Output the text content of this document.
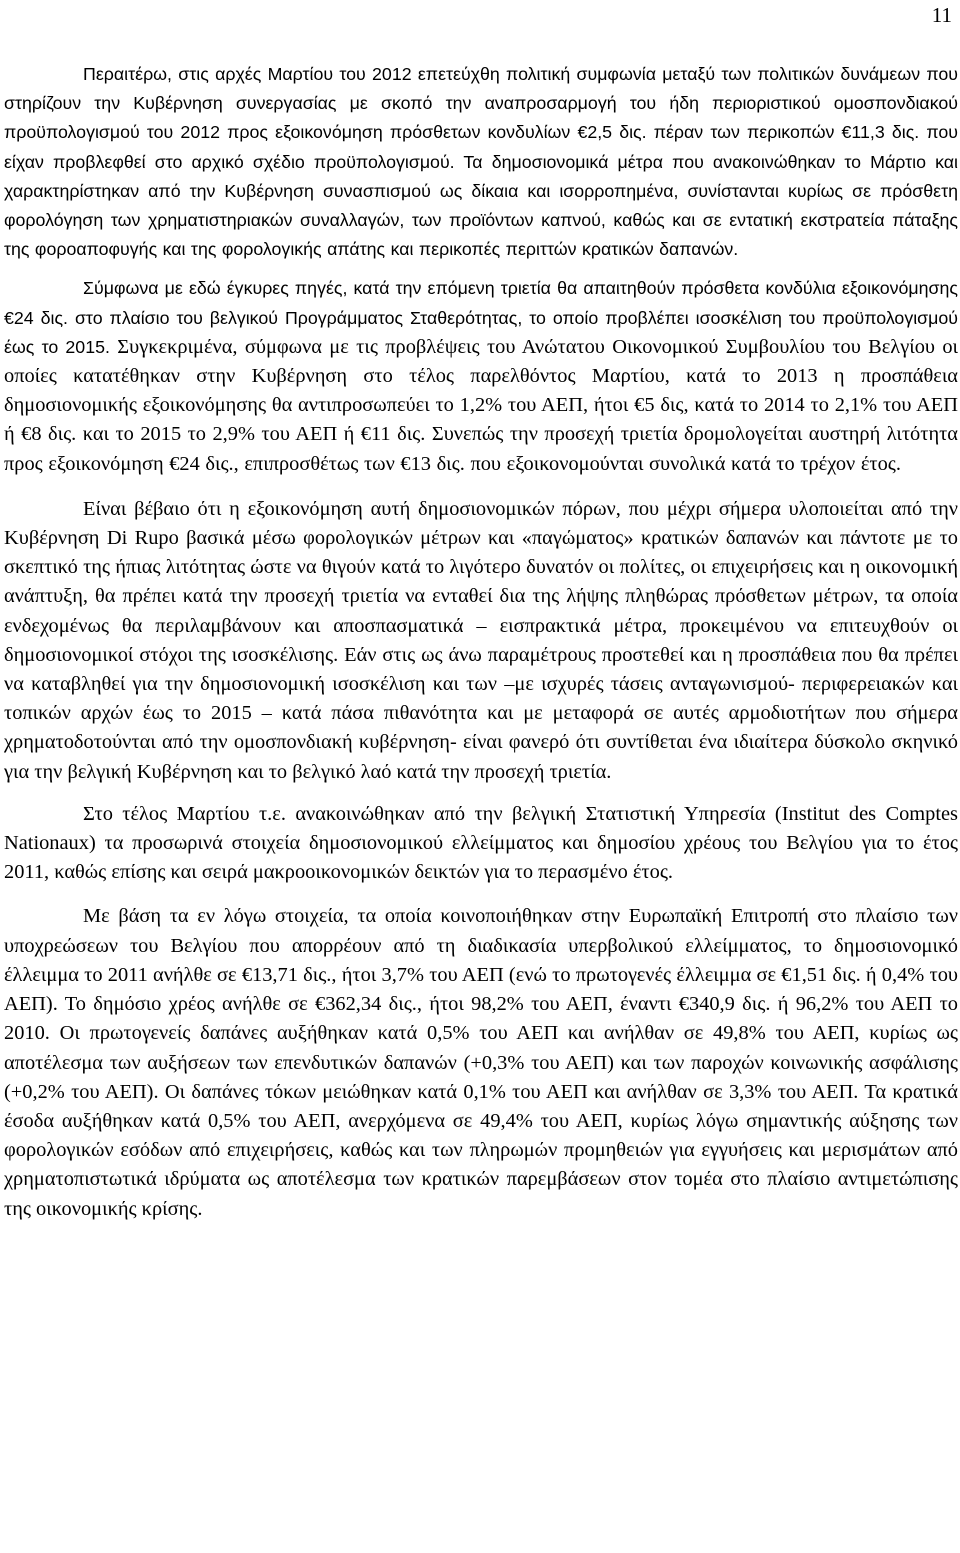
11

Περαιτέρω, στις αρχές Μαρτίου του 2012 επετεύχθη πολιτική συμφωνία μεταξύ των πολιτικών δυνάμεων που στηρίζουν την Κυβέρνηση συνεργασίας με σκοπό την αναπροσαρμογή του ήδη περιοριστικού ομοσπονδιακού προϋπολογισμού του 2012 προς εξοικονόμηση πρόσθετων κονδυλίων €2,5 δις. πέραν των περικοπών €11,3 δις. που είχαν προβλεφθεί στο αρχικό σχέδιο προϋπολογισμού. Τα δημοσιονομικά μέτρα που ανακοινώθηκαν το Μάρτιο και χαρακτηρίστηκαν από την Κυβέρνηση συνασπισμού ως δίκαια και ισορροπημένα, συνίστανται κυρίως σε πρόσθετη φορολόγηση των χρηματιστηριακών συναλλαγών, των προϊόντων καπνού, καθώς και σε εντατική εκστρατεία πάταξης της φοροαποφυγής και της φορολογικής απάτης και περικοπές περιττών κρατικών δαπανών.

Σύμφωνα με εδώ έγκυρες πηγές, κατά την επόμενη τριετία θα απαιτηθούν πρόσθετα κονδύλια εξοικονόμησης €24 δις. στο πλαίσιο του βελγικού Προγράμματος Σταθερότητας, το οποίο προβλέπει ισοσκέλιση του προϋπολογισμού έως το 2015. Συγκεκριμένα, σύμφωνα με τις προβλέψεις του Ανώτατου Οικονομικού Συμβουλίου του Βελγίου οι οποίες κατατέθηκαν στην Κυβέρνηση στο τέλος παρελθόντος Μαρτίου, κατά το 2013 η προσπάθεια δημοσιονομικής εξοικονόμησης θα αντιπροσωπεύει το 1,2% του ΑΕΠ, ήτοι €5 δις, κατά το 2014 το 2,1% του ΑΕΠ ή €8 δις. και το 2015 το 2,9% του ΑΕΠ ή €11 δις. Συνεπώς την προσεχή τριετία δρομολογείται αυστηρή λιτότητα προς εξοικονόμηση €24 δις., επιπροσθέτως των €13 δις. που εξοικονομούνται συνολικά κατά το τρέχον έτος.

Είναι βέβαιο ότι η εξοικονόμηση αυτή δημοσιονομικών πόρων, που μέχρι σήμερα υλοποιείται από την Κυβέρνηση Di Rupo βασικά μέσω φορολογικών μέτρων και «παγώματος» κρατικών δαπανών και πάντοτε με το σκεπτικό της ήπιας λιτότητας ώστε να θιγούν κατά το λιγότερο δυνατόν οι πολίτες, οι επιχειρήσεις και η οικονομική ανάπτυξη, θα πρέπει κατά την προσεχή τριετία να ενταθεί δια της λήψης πληθώρας πρόσθετων μέτρων, τα οποία ενδεχομένως θα περιλαμβάνουν και αποσπασματικά – εισπρακτικά μέτρα, προκειμένου να επιτευχθούν οι δημοσιονομικοί στόχοι της ισοσκέλισης. Εάν στις ως άνω παραμέτρους προστεθεί και η προσπάθεια που θα πρέπει να καταβληθεί για την δημοσιονομική ισοσκέλιση και των –με ισχυρές τάσεις ανταγωνισμού- περιφερειακών και τοπικών αρχών έως το 2015 – κατά πάσα πιθανότητα και με μεταφορά σε αυτές αρμοδιοτήτων που σήμερα χρηματοδοτούνται από την ομοσπονδιακή κυβέρνηση- είναι φανερό ότι συντίθεται ένα ιδιαίτερα δύσκολο σκηνικό για την βελγική Κυβέρνηση και το βελγικό λαό κατά την προσεχή τριετία.

Στο τέλος Μαρτίου τ.ε. ανακοινώθηκαν από την βελγική Στατιστική Υπηρεσία (Institut des Comptes Nationaux) τα προσωρινά στοιχεία δημοσιονομικού ελλείμματος και δημοσίου χρέους του Βελγίου για το έτος 2011, καθώς επίσης και σειρά μακροοικονομικών δεικτών για το περασμένο έτος.

Με βάση τα εν λόγω στοιχεία, τα οποία κοινοποιήθηκαν στην Ευρωπαϊκή Επιτροπή στο πλαίσιο των υποχρεώσεων του Βελγίου που απορρέουν από τη διαδικασία υπερβολικού ελλείμματος, το δημοσιονομικό έλλειμμα το 2011 ανήλθε σε €13,71 δις., ήτοι 3,7% του ΑΕΠ (ενώ το πρωτογενές έλλειμμα σε €1,51 δις. ή 0,4% του ΑΕΠ). Το δημόσιο χρέος ανήλθε σε €362,34 δις., ήτοι 98,2% του ΑΕΠ, έναντι €340,9 δις. ή 96,2% του ΑΕΠ το 2010. Οι πρωτογενείς δαπάνες αυξήθηκαν κατά 0,5% του ΑΕΠ και ανήλθαν σε 49,8% του ΑΕΠ, κυρίως ως αποτέλεσμα των αυξήσεων των επενδυτικών δαπανών (+0,3% του ΑΕΠ) και των παροχών κοινωνικής ασφάλισης (+0,2% του ΑΕΠ). Οι δαπάνες τόκων μειώθηκαν κατά 0,1% του ΑΕΠ και ανήλθαν σε 3,3% του ΑΕΠ. Τα κρατικά έσοδα αυξήθηκαν κατά 0,5% του ΑΕΠ, ανερχόμενα σε 49,4% του ΑΕΠ, κυρίως λόγω σημαντικής αύξησης των φορολογικών εσόδων από επιχειρήσεις, καθώς και των πληρωμών προμηθειών για εγγυήσεις και μερισμάτων από χρηματοπιστωτικά ιδρύματα ως αποτέλεσμα των κρατικών παρεμβάσεων στον τομέα στο πλαίσιο αντιμετώπισης της οικονομικής κρίσης.
